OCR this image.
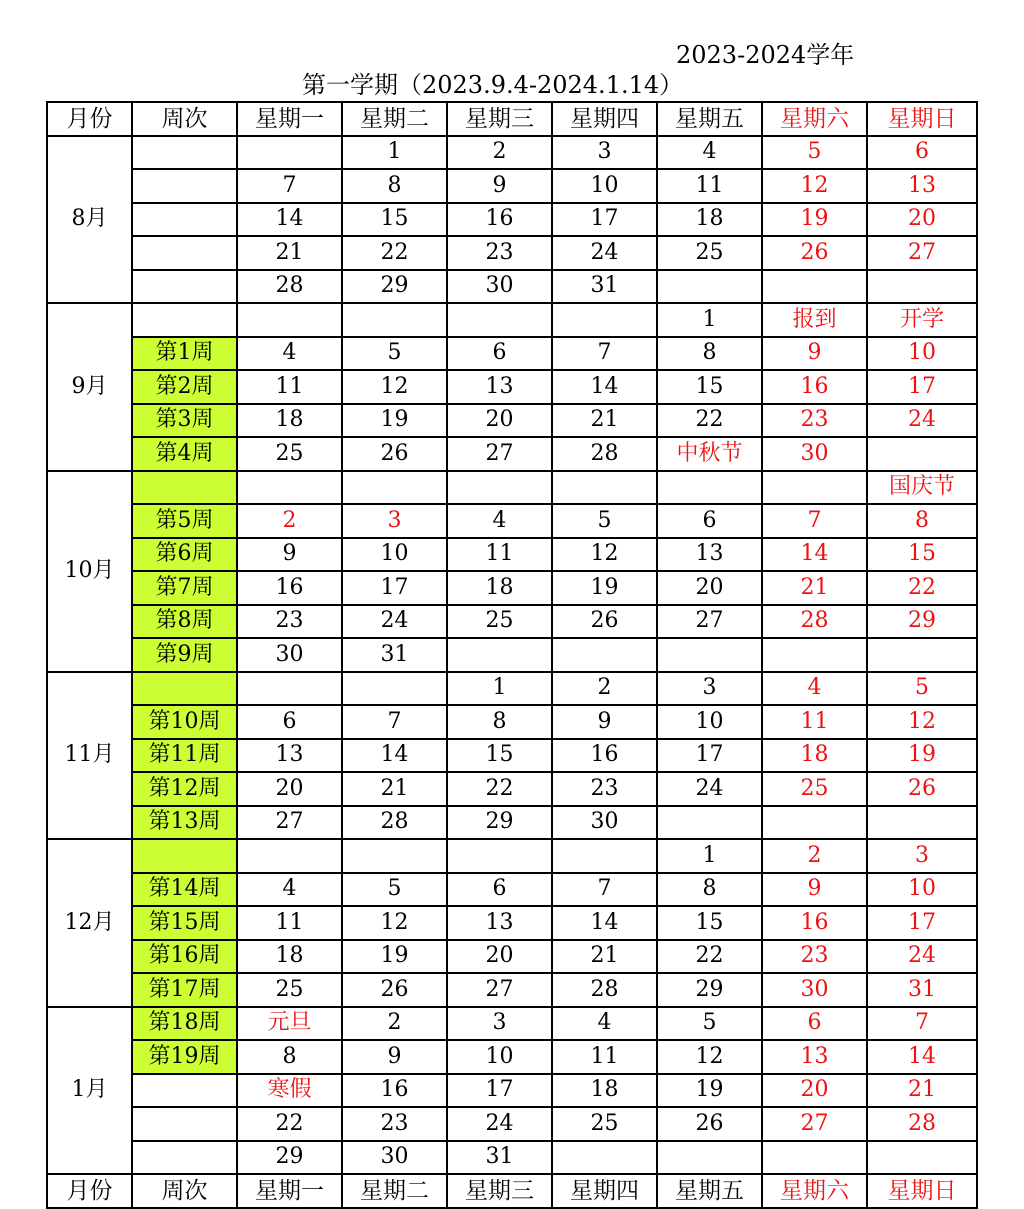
2023-2024学年
第一学期（2023.9.4-2024.1.14）
月份	周次	星期一	星期二	星期三	星期四	星期五	星期六	星期日
8月			1	2	3	4	5	6
		7	8	9	10	11	12	13
		14	15	16	17	18	19	20
		21	22	23	24	25	26	27
		28	29	30	31			
9月						1	报到	开学
	第1周	4	5	6	7	8	9	10
	第2周	11	12	13	14	15	16	17
	第3周	18	19	20	21	22	23	24
	第4周	25	26	27	28	中秋节	30	
10月								国庆节
	第5周	2	3	4	5	6	7	8
	第6周	9	10	11	12	13	14	15
	第7周	16	17	18	19	20	21	22
	第8周	23	24	25	26	27	28	29
	第9周	30	31					
11月				1	2	3	4	5
	第10周	6	7	8	9	10	11	12
	第11周	13	14	15	16	17	18	19
	第12周	20	21	22	23	24	25	26
	第13周	27	28	29	30			
12月						1	2	3
	第14周	4	5	6	7	8	9	10
	第15周	11	12	13	14	15	16	17
	第16周	18	19	20	21	22	23	24
	第17周	25	26	27	28	29	30	31
1月	第18周	元旦	2	3	4	5	6	7
	第19周	8	9	10	11	12	13	14
		寒假	16	17	18	19	20	21
		22	23	24	25	26	27	28
		29	30	31				
月份	周次	星期一	星期二	星期三	星期四	星期五	星期六	星期日
